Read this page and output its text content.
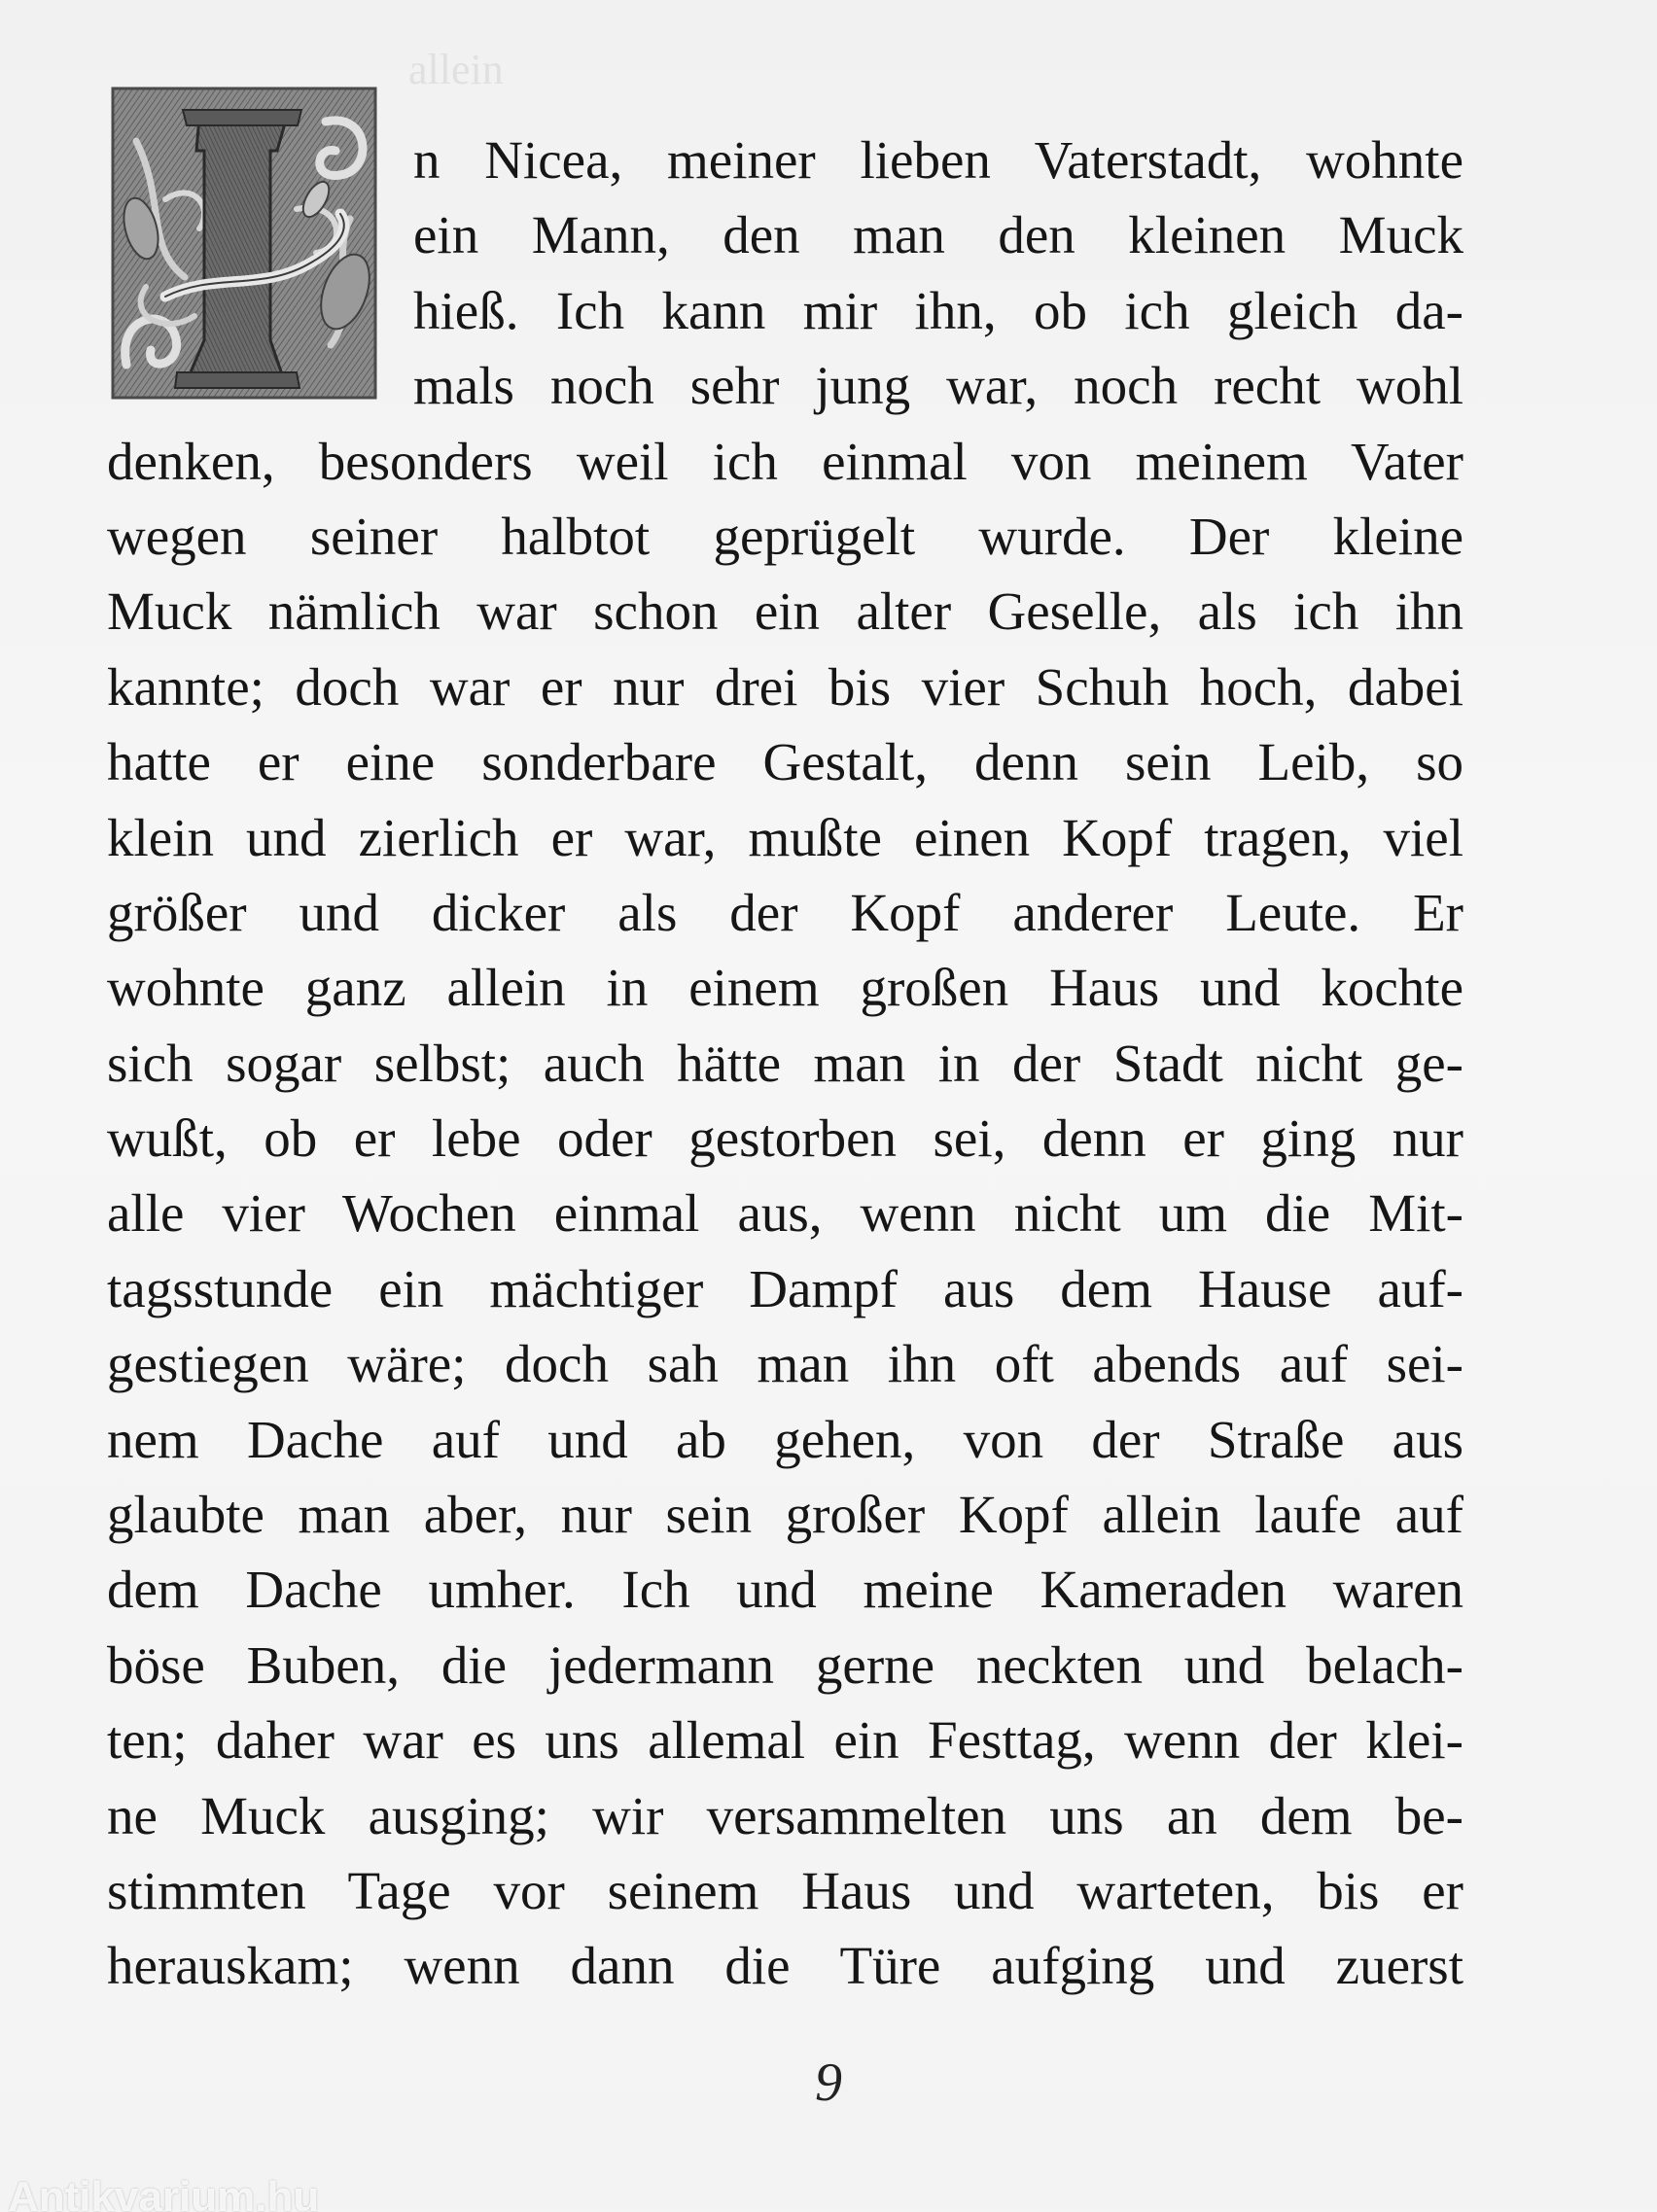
allein
n Nicea, meiner lieben Vaterstadt, wohnte
ein Mann, den man den kleinen Muck
hieß. Ich kann mir ihn, ob ich gleich da-
mals noch sehr jung war, noch recht wohl
denken, besonders weil ich einmal von meinem Vater
wegen seiner halbtot geprügelt wurde. Der kleine
Muck nämlich war schon ein alter Geselle, als ich ihn
kannte; doch war er nur drei bis vier Schuh hoch, dabei
hatte er eine sonderbare Gestalt, denn sein Leib, so
klein und zierlich er war, mußte einen Kopf tragen, viel
größer und dicker als der Kopf anderer Leute. Er
wohnte ganz allein in einem großen Haus und kochte
sich sogar selbst; auch hätte man in der Stadt nicht ge-
wußt, ob er lebe oder gestorben sei, denn er ging nur
alle vier Wochen einmal aus, wenn nicht um die Mit-
tagsstunde ein mächtiger Dampf aus dem Hause auf-
gestiegen wäre; doch sah man ihn oft abends auf sei-
nem Dache auf und ab gehen, von der Straße aus
glaubte man aber, nur sein großer Kopf allein laufe auf
dem Dache umher. Ich und meine Kameraden waren
böse Buben, die jedermann gerne neckten und belach-
ten; daher war es uns allemal ein Festtag, wenn der klei-
ne Muck ausging; wir versammelten uns an dem be-
stimmten Tage vor seinem Haus und warteten, bis er
herauskam; wenn dann die Türe aufging und zuerst
9
Antikvarium.hu
